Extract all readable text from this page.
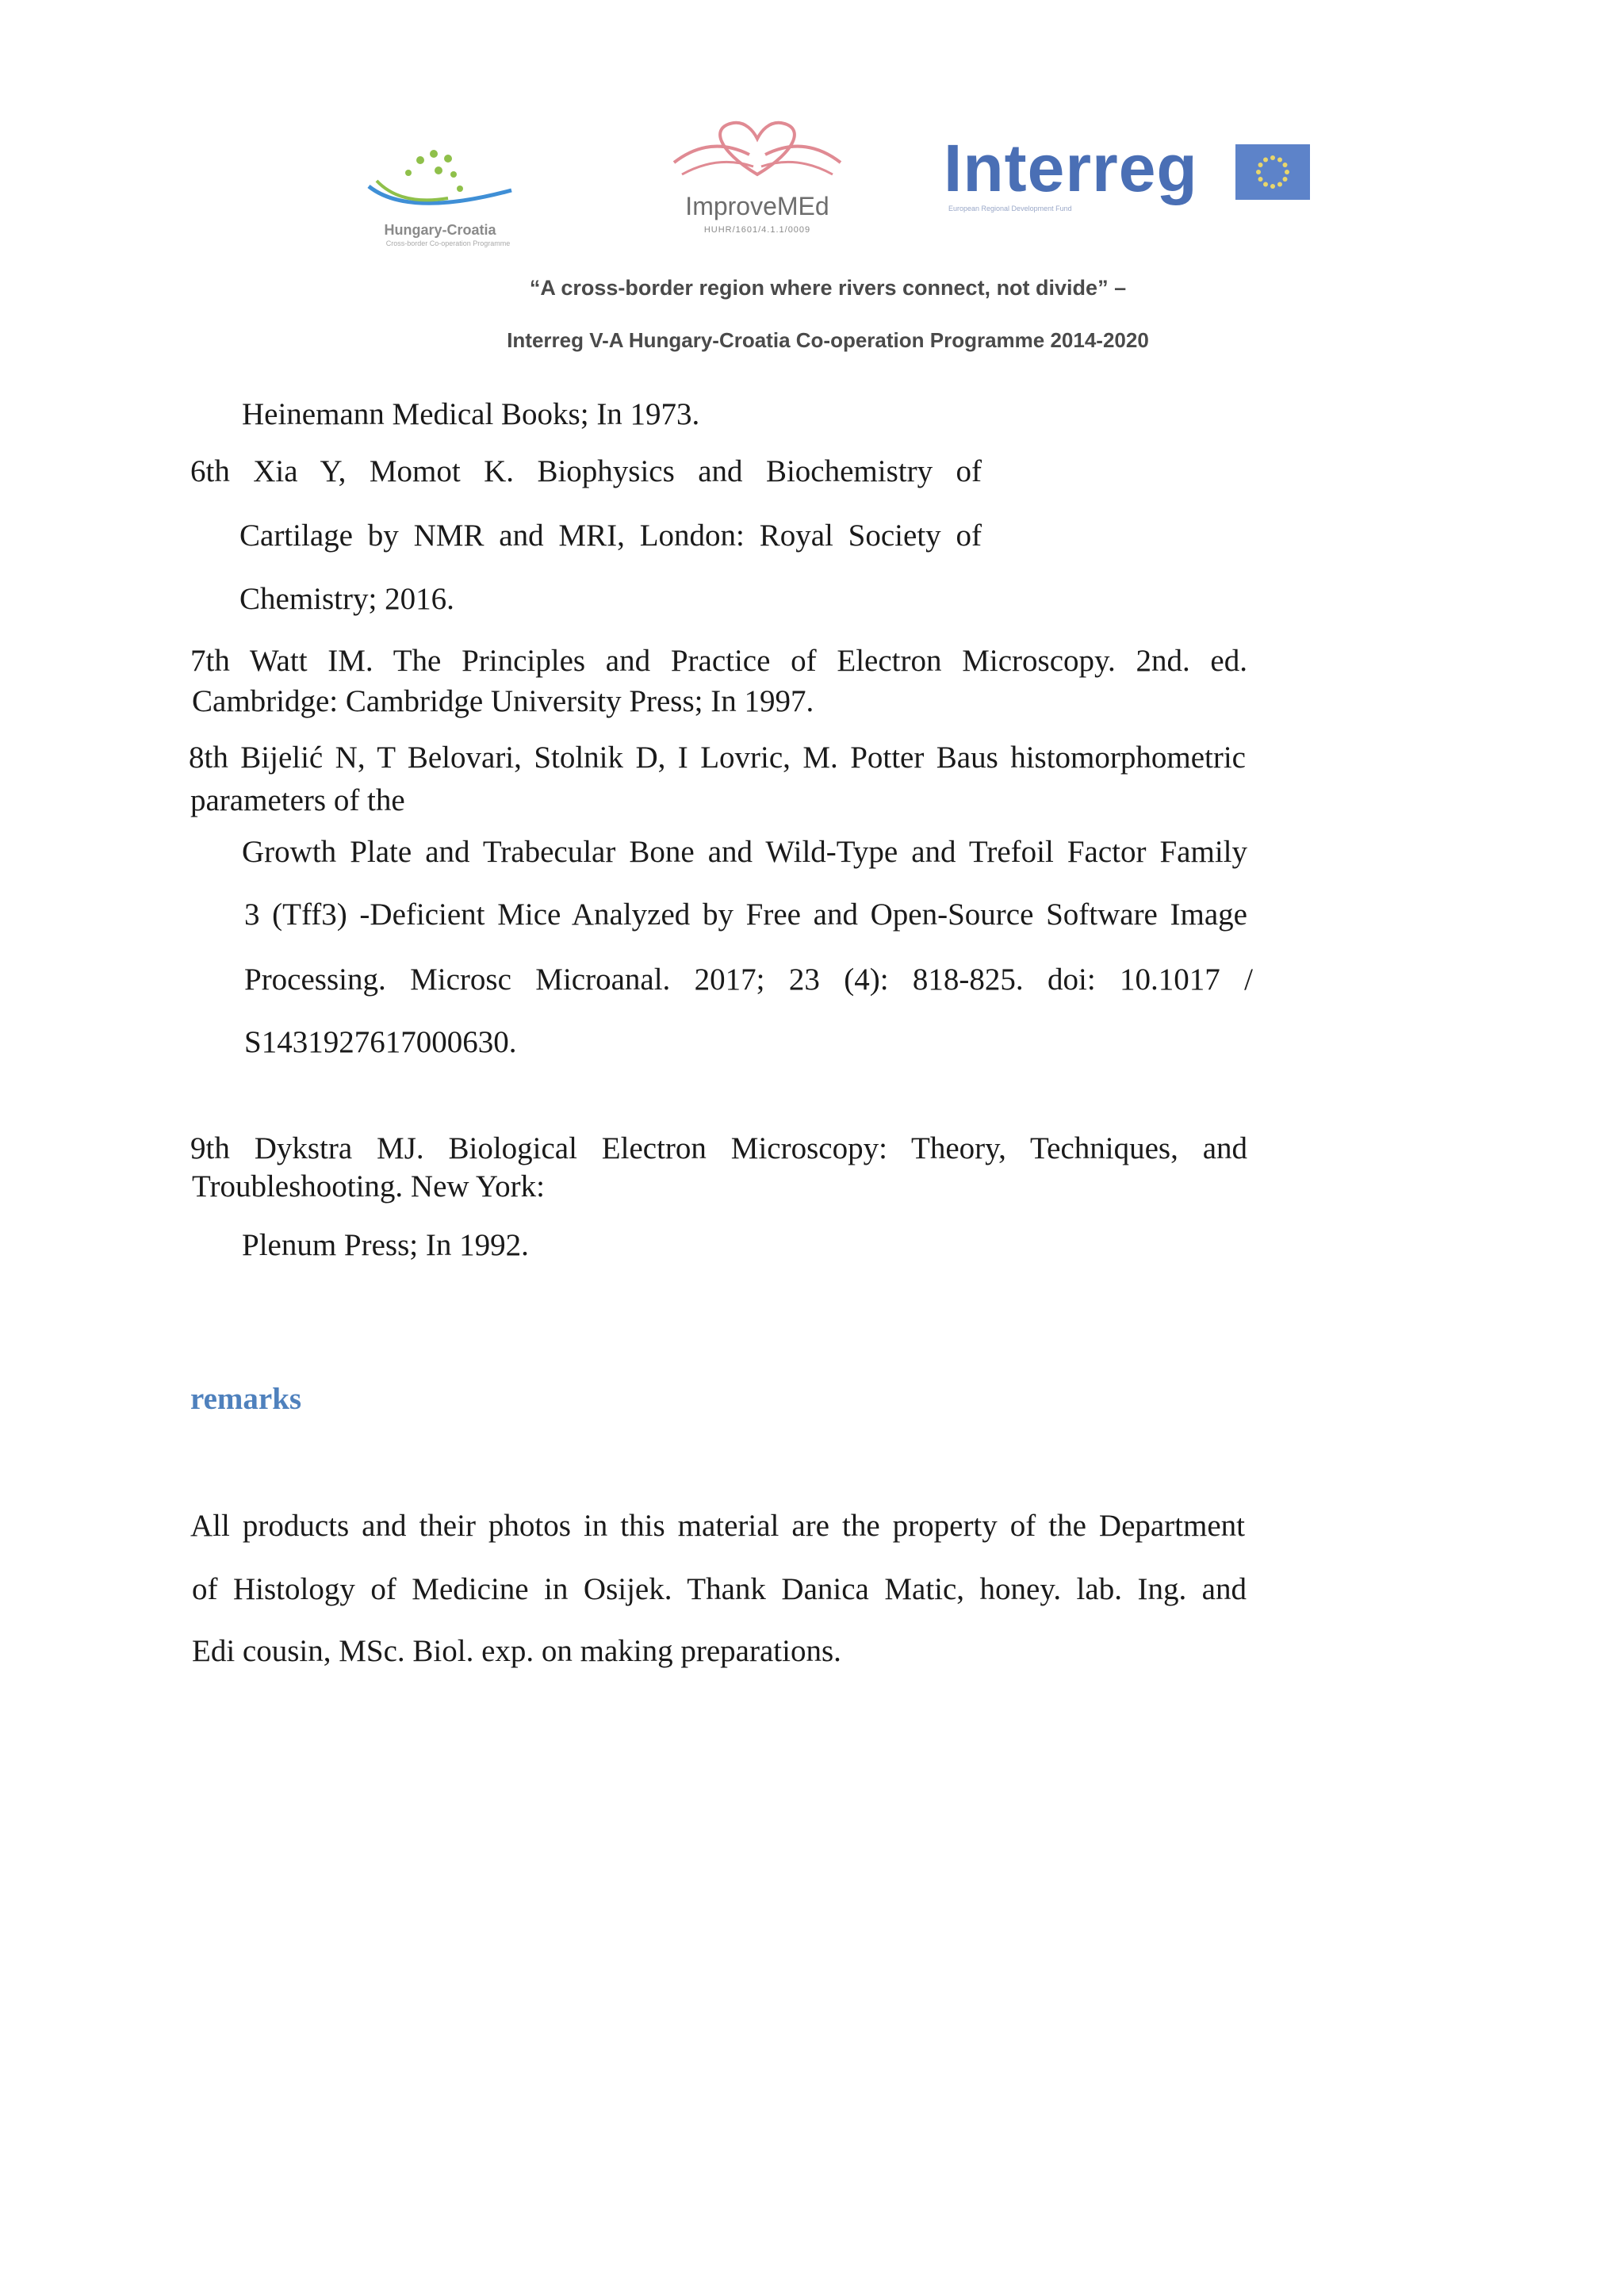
Hungary-Croatia
Cross-border Co-operation Programme
ImproveMEd
HUHR/1601/4.1.1/0009
Interreg
European Regional Development Fund
“A cross-border region where rivers connect, not divide” –
Interreg V-A Hungary-Croatia Co-operation Programme 2014-2020
Heinemann Medical Books; In 1973.
6th Xia Y, Momot K. Biophysics and Biochemistry of
Cartilage by NMR and MRI, London: Royal Society of
Chemistry; 2016.
7th Watt IM. The Principles and Practice of Electron Microscopy. 2nd. ed.
Cambridge: Cambridge University Press; In 1997.
8th Bijelić N, T Belovari, Stolnik D, I Lovric, M. Potter Baus histomorphometric
parameters of the
Growth Plate and Trabecular Bone and Wild-Type and Trefoil Factor Family
3 (Tff3) -Deficient Mice Analyzed by Free and Open-Source Software Image
Processing. Microsc Microanal. 2017; 23 (4): 818-825. doi: 10.1017 /
S1431927617000630.
9th Dykstra MJ. Biological Electron Microscopy: Theory, Techniques, and
Troubleshooting. New York:
Plenum Press; In 1992.
remarks
All products and their photos in this material are the property of the Department
of Histology of Medicine in Osijek. Thank Danica Matic, honey. lab. Ing. and
Edi cousin, MSc. Biol. exp. on making preparations.
